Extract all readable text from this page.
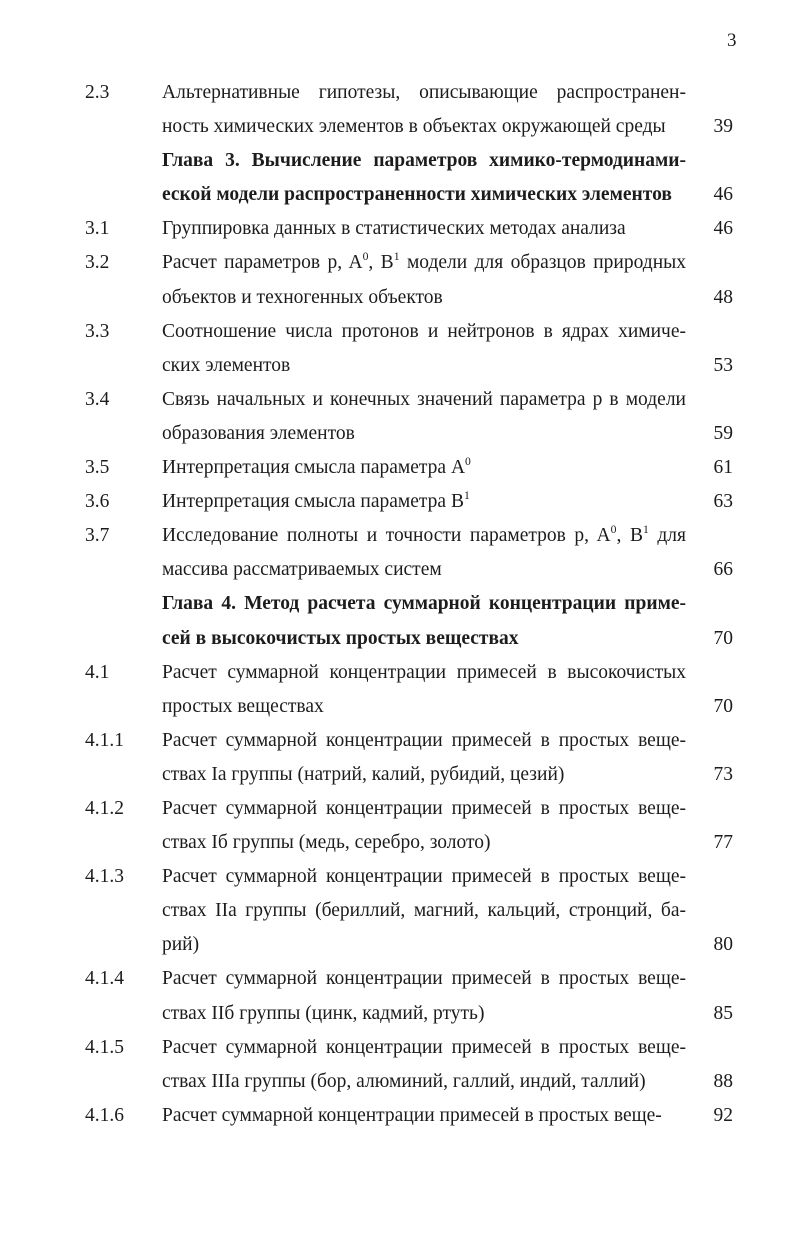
3
2.3	Альтернативные гипотезы, описывающие распространен-
ность химических элементов в объектах окружающей среды	39
Глава 3. Вычисление параметров химико-термодинами-
еской модели распространенности химических элементов	46
3.1	Группировка данных в статистических методах анализа	46
3.2	Расчет параметров p, $A^0$, $B^1$ модели для образцов природных
объектов и техногенных объектов	48
3.3	Соотношение числа протонов и нейтронов в ядрах химиче-
ских элементов	53
3.4	Связь начальных и конечных значений параметра p в модели
образования элементов	59
3.5	Интерпретация смысла параметра $A^0$	61
3.6	Интерпретация смысла параметра $B^1$	63
3.7	Исследование полноты и точности параметров p, $A^0$, $B^1$ для
массива рассматриваемых систем	66
Глава 4. Метод расчета суммарной концентрации приме-
сей в высокочистых простых веществах	70
4.1	Расчет суммарной концентрации примесей в высокочистых
простых веществах	70
4.1.1 Расчет суммарной концентрации примесей в простых веще-
ствах Iа группы (натрий, калий, рубидий, цезий)	73
4.1.2 Расчет суммарной концентрации примесей в простых веще-
ствах Iб группы (медь, серебро, золото)	77
4.1.3 Расчет суммарной концентрации примесей в простых веще-
ствах IIа группы (бериллий, магний, кальций, стронций, ба-
рий)	80
4.1.4 Расчет суммарной концентрации примесей в простых веще-
ствах IIб группы (цинк, кадмий, ртуть)	85
4.1.5 Расчет суммарной концентрации примесей в простых веще-
ствах IIIа группы (бор, алюминий, галлий, индий, таллий)	88
4.1.6 Расчет суммарной концентрации примесей в простых веще-	92
